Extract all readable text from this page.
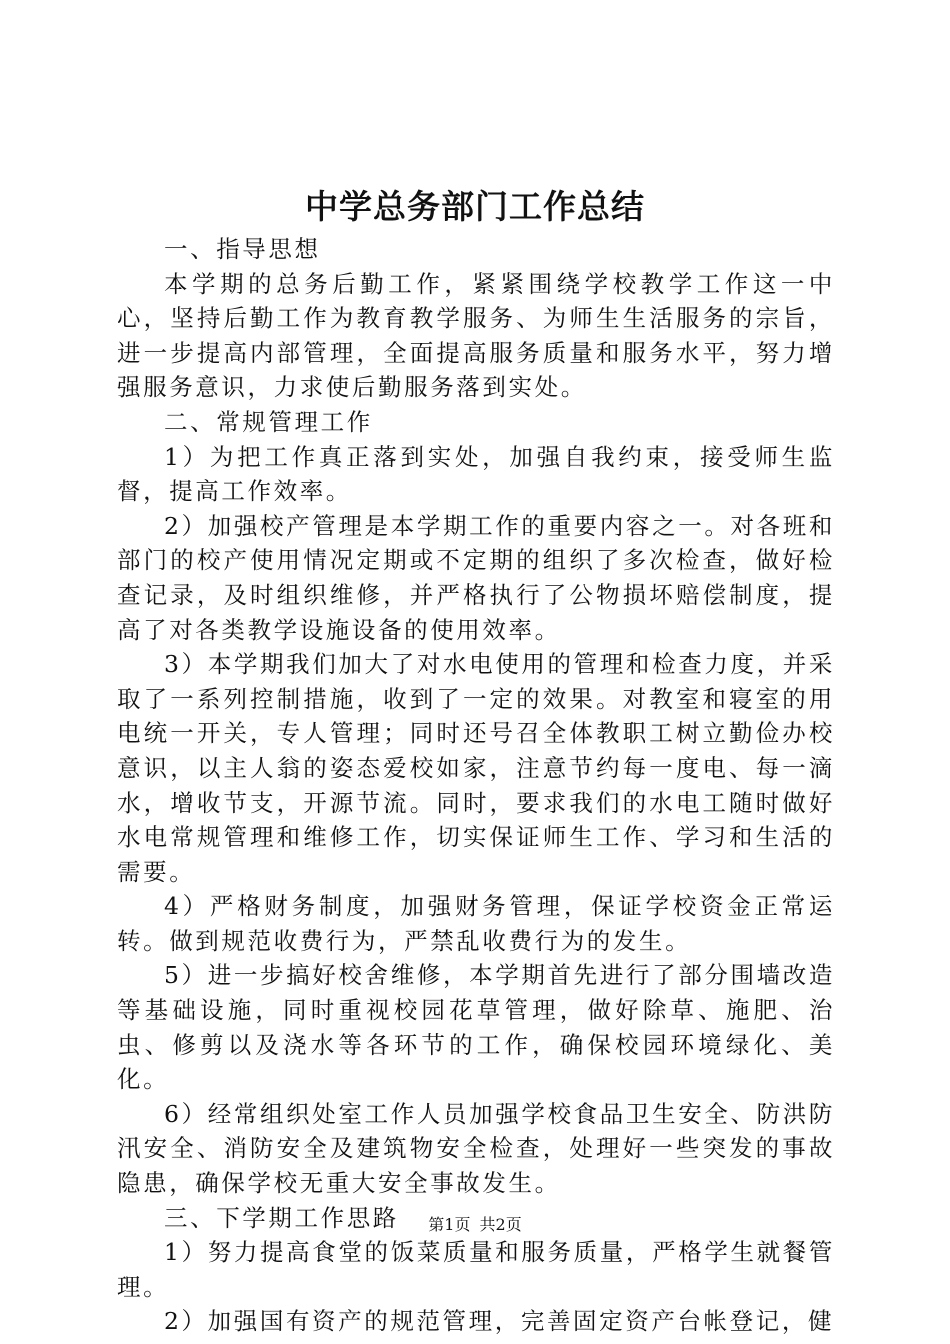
中学总务部门工作总结

一、指导思想

本学期的总务后勤工作，紧紧围绕学校教学工作这一中心，坚持后勤工作为教育教学服务、为师生生活服务的宗旨，进一步提高内部管理，全面提高服务质量和服务水平，努力增强服务意识，力求使后勤服务落到实处。

二、常规管理工作

1）为把工作真正落到实处，加强自我约束，接受师生监督，提高工作效率。

2）加强校产管理是本学期工作的重要内容之一。对各班和部门的校产使用情况定期或不定期的组织了多次检查，做好检查记录，及时组织维修，并严格执行了公物损坏赔偿制度，提高了对各类教学设施设备的使用效率。

3）本学期我们加大了对水电使用的管理和检查力度，并采取了一系列控制措施，收到了一定的效果。对教室和寝室的用电统一开关，专人管理；同时还号召全体教职工树立勤俭办校意识，以主人翁的姿态爱校如家，注意节约每一度电、每一滴水，增收节支，开源节流。同时，要求我们的水电工随时做好水电常规管理和维修工作，切实保证师生工作、学习和生活的需要。

4）严格财务制度，加强财务管理，保证学校资金正常运转。做到规范收费行为，严禁乱收费行为的发生。

5）进一步搞好校舍维修，本学期首先进行了部分围墙改造等基础设施，同时重视校园花草管理，做好除草、施肥、治虫、修剪以及浇水等各环节的工作，确保校园环境绿化、美化。

6）经常组织处室工作人员加强学校食品卫生安全、防洪防汛安全、消防安全及建筑物安全检查，处理好一些突发的事故隐患，确保学校无重大安全事故发生。

三、下学期工作思路

1）努力提高食堂的饭菜质量和服务质量，严格学生就餐管理。

2）加强国有资产的规范管理，完善固定资产台帐登记，健

第1页 共2页
